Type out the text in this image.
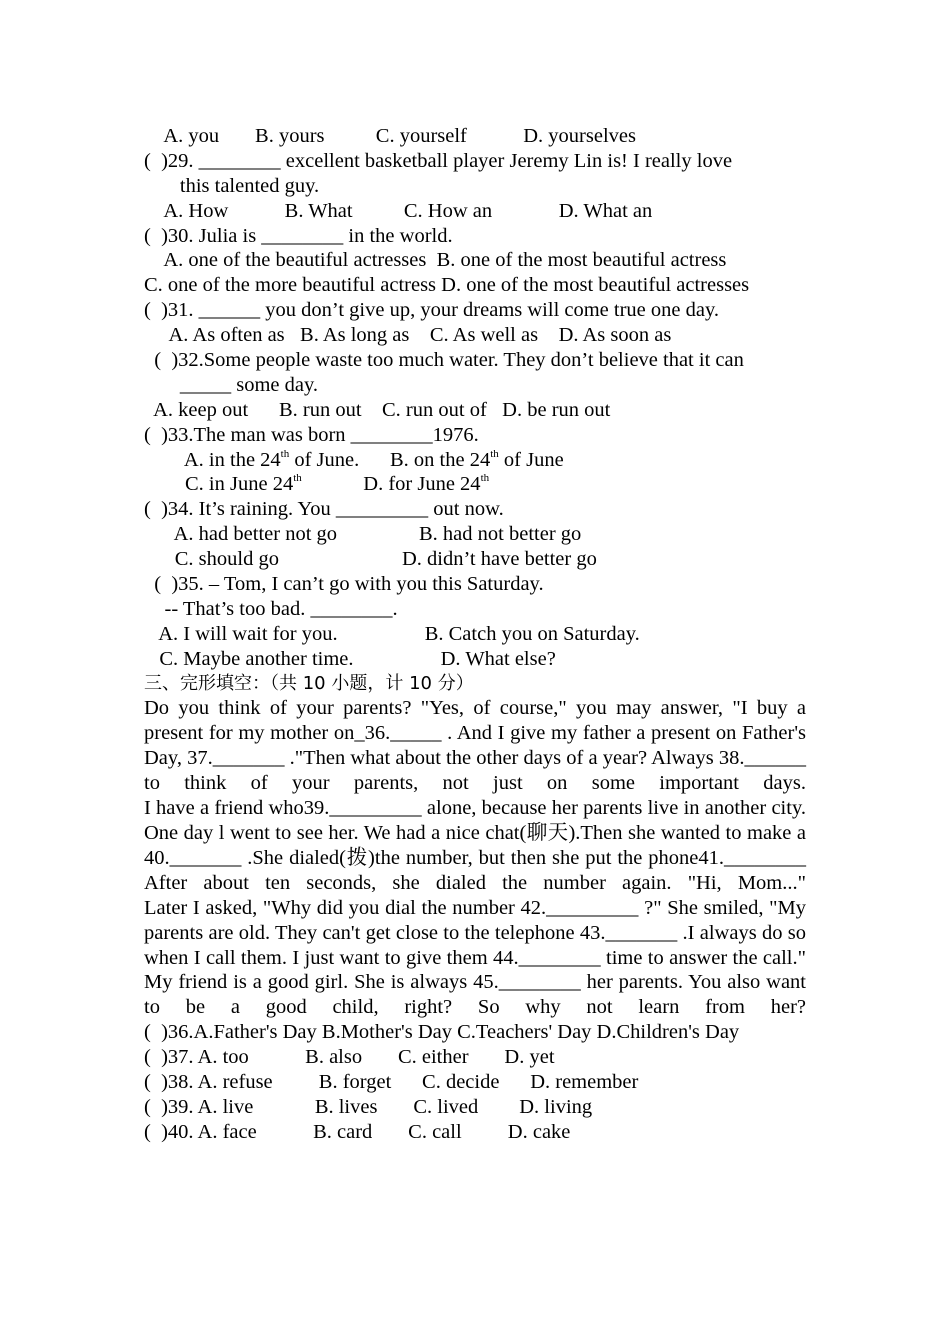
A. you       B. yours          C. yourself           D. yourselves
(  )29. ________ excellent basketball player Jeremy Lin is! I really love
this talented guy.
A. How           B. What          C. How an             D. What an
(  )30. Julia is ________ in the world.
A. one of the beautiful actresses  B. one of the most beautiful actress
C. one of the more beautiful actress D. one of the most beautiful actresses
(  )31. ______ you don’t give up, your dreams will come true one day.
A. As often as   B. As long as    C. As well as    D. As soon as
(  )32.Some people waste too much water. They don’t believe that it can
_____ some day.
A. keep out      B. run out    C. run out of   D. be run out
(  )33.The man was born ________1976.
A. in the 24th of June.      B. on the 24th of June
C. in June 24th            D. for June 24th
(  )34. It’s raining. You _________ out now.
A. had better not go                B. had not better go
C. should go                        D. didn’t have better go
(  )35. – Tom, I can’t go with you this Saturday.
-- That’s too bad. ________.
A. I will wait for you.                 B. Catch you on Saturday.
C. Maybe another time.                 D. What else?
三、完形填空：（共 10 小题，计 10 分）
Do you think of your parents? "Yes, of course," you may answer, "I buy a present for my mother on_36._____ . And I give my father a present on Father's Day, 37._______ ."Then what about the other days of a year? Always 38.______ to think of your parents, not just on some important days.
I have a friend who39._________ alone, because her parents live in another city. One day l went to see her. We had a nice chat(聊天).Then she wanted to make a 40._______ .She dialed(拨)the number, but then she put the phone41.________ After about ten seconds, she dialed the number again. "Hi, Mom..."
Later I asked, "Why did you dial the number 42._________ ?" She smiled, "My parents are old. They can't get close to the telephone 43._______ .I always do so when I call them. I just want to give them 44.________ time to answer the call."
My friend is a good girl. She is always 45.________ her parents. You also want to be a good child, right? So why not learn from her?
(  )36.A.Father's Day B.Mother's Day C.Teachers' Day D.Children's Day
(  )37. A. too           B. also       C. either       D. yet
(  )38. A. refuse         B. forget      C. decide      D. remember
(  )39. A. live            B. lives       C. lived        D. living
(  )40. A. face           B. card       C. call         D. cake
